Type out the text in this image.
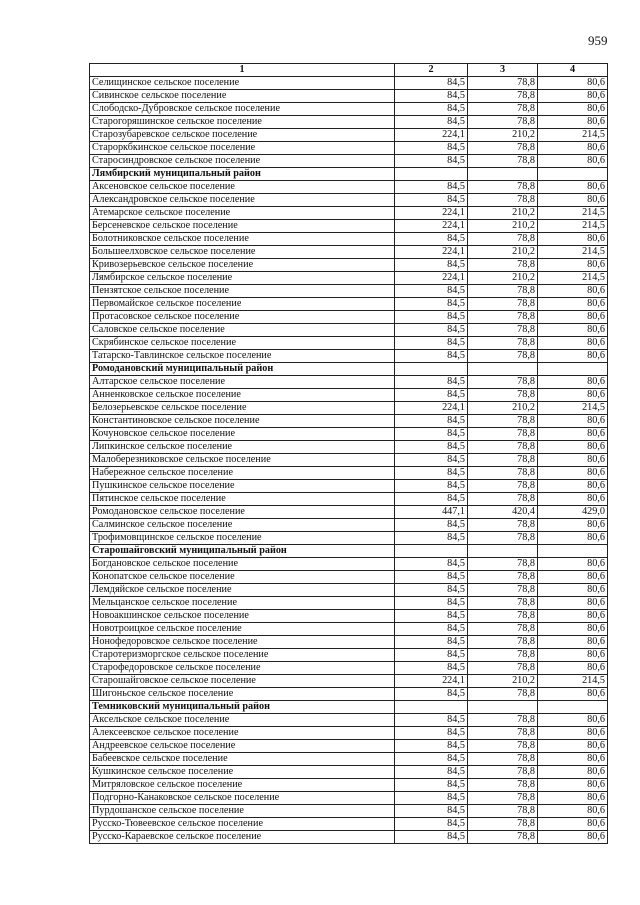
959
1	2	3	4
Селищинское сельское поселение	84,5	78,8	80,6
Сивинское сельское поселение	84,5	78,8	80,6
Слободско-Дубровское сельское поселение	84,5	78,8	80,6
Старогоряшинское сельское поселение	84,5	78,8	80,6
Старозубаревское сельское поселение	224,1	210,2	214,5
Староркбкинское сельское поселение	84,5	78,8	80,6
Старосиндровское сельское поселение	84,5	78,8	80,6
Лямбирский муниципальный район			
Аксеновское сельское поселение	84,5	78,8	80,6
Александровское сельское поселение	84,5	78,8	80,6
Атемарское сельское поселение	224,1	210,2	214,5
Берсеневское сельское поселение	224,1	210,2	214,5
Болотниковское сельское поселение	84,5	78,8	80,6
Большеелховское сельское поселение	224,1	210,2	214,5
Кривозерьевское сельское поселение	84,5	78,8	80,6
Лямбирское сельское поселение	224,1	210,2	214,5
Пензятское сельское поселение	84,5	78,8	80,6
Первомайское сельское поселение	84,5	78,8	80,6
Протасовское сельское поселение	84,5	78,8	80,6
Саловское сельское поселение	84,5	78,8	80,6
Скрябинское сельское поселение	84,5	78,8	80,6
Татарско-Тавлинское сельское поселение	84,5	78,8	80,6
Ромодановский муниципальный район			
Алтарское сельское поселение	84,5	78,8	80,6
Анненковское сельское поселение	84,5	78,8	80,6
Белозерьевское сельское поселение	224,1	210,2	214,5
Константиновское сельское поселение	84,5	78,8	80,6
Кочуновское сельское поселение	84,5	78,8	80,6
Липкинское сельское поселение	84,5	78,8	80,6
Малоберезниковское сельское поселение	84,5	78,8	80,6
Набережное сельское поселение	84,5	78,8	80,6
Пушкинское сельское поселение	84,5	78,8	80,6
Пятинское сельское поселение	84,5	78,8	80,6
Ромодановское сельское поселение	447,1	420,4	429,0
Салминское сельское поселение	84,5	78,8	80,6
Трофимовщинское сельское поселение	84,5	78,8	80,6
Старошайговский муниципальный район			
Богдановское сельское поселение	84,5	78,8	80,6
Конопатское сельское поселение	84,5	78,8	80,6
Лемдяйское сельское поселение	84,5	78,8	80,6
Мельцанское сельское поселение	84,5	78,8	80,6
Новоакшинское сельское поселение	84,5	78,8	80,6
Новотроицкое сельское поселение	84,5	78,8	80,6
Нонофедоровское сельское поселение	84,5	78,8	80,6
Старотеризморгское сельское поселение	84,5	78,8	80,6
Старофедоровское сельское поселение	84,5	78,8	80,6
Старошайговское сельское поселение	224,1	210,2	214,5
Шигоньское сельское поселение	84,5	78,8	80,6
Темниковский муниципальный район			
Аксельское сельское поселение	84,5	78,8	80,6
Алексеевское сельское поселение	84,5	78,8	80,6
Андреевское сельское поселение	84,5	78,8	80,6
Бабеевское сельское поселение	84,5	78,8	80,6
Кушкинское сельское поселение	84,5	78,8	80,6
Митряловское сельское поселение	84,5	78,8	80,6
Подгорно-Канаковское сельское поселение	84,5	78,8	80,6
Пурдошанское сельское поселение	84,5	78,8	80,6
Русско-Тювеевское сельское поселение	84,5	78,8	80,6
Русско-Караевское сельское поселение	84,5	78,8	80,6
